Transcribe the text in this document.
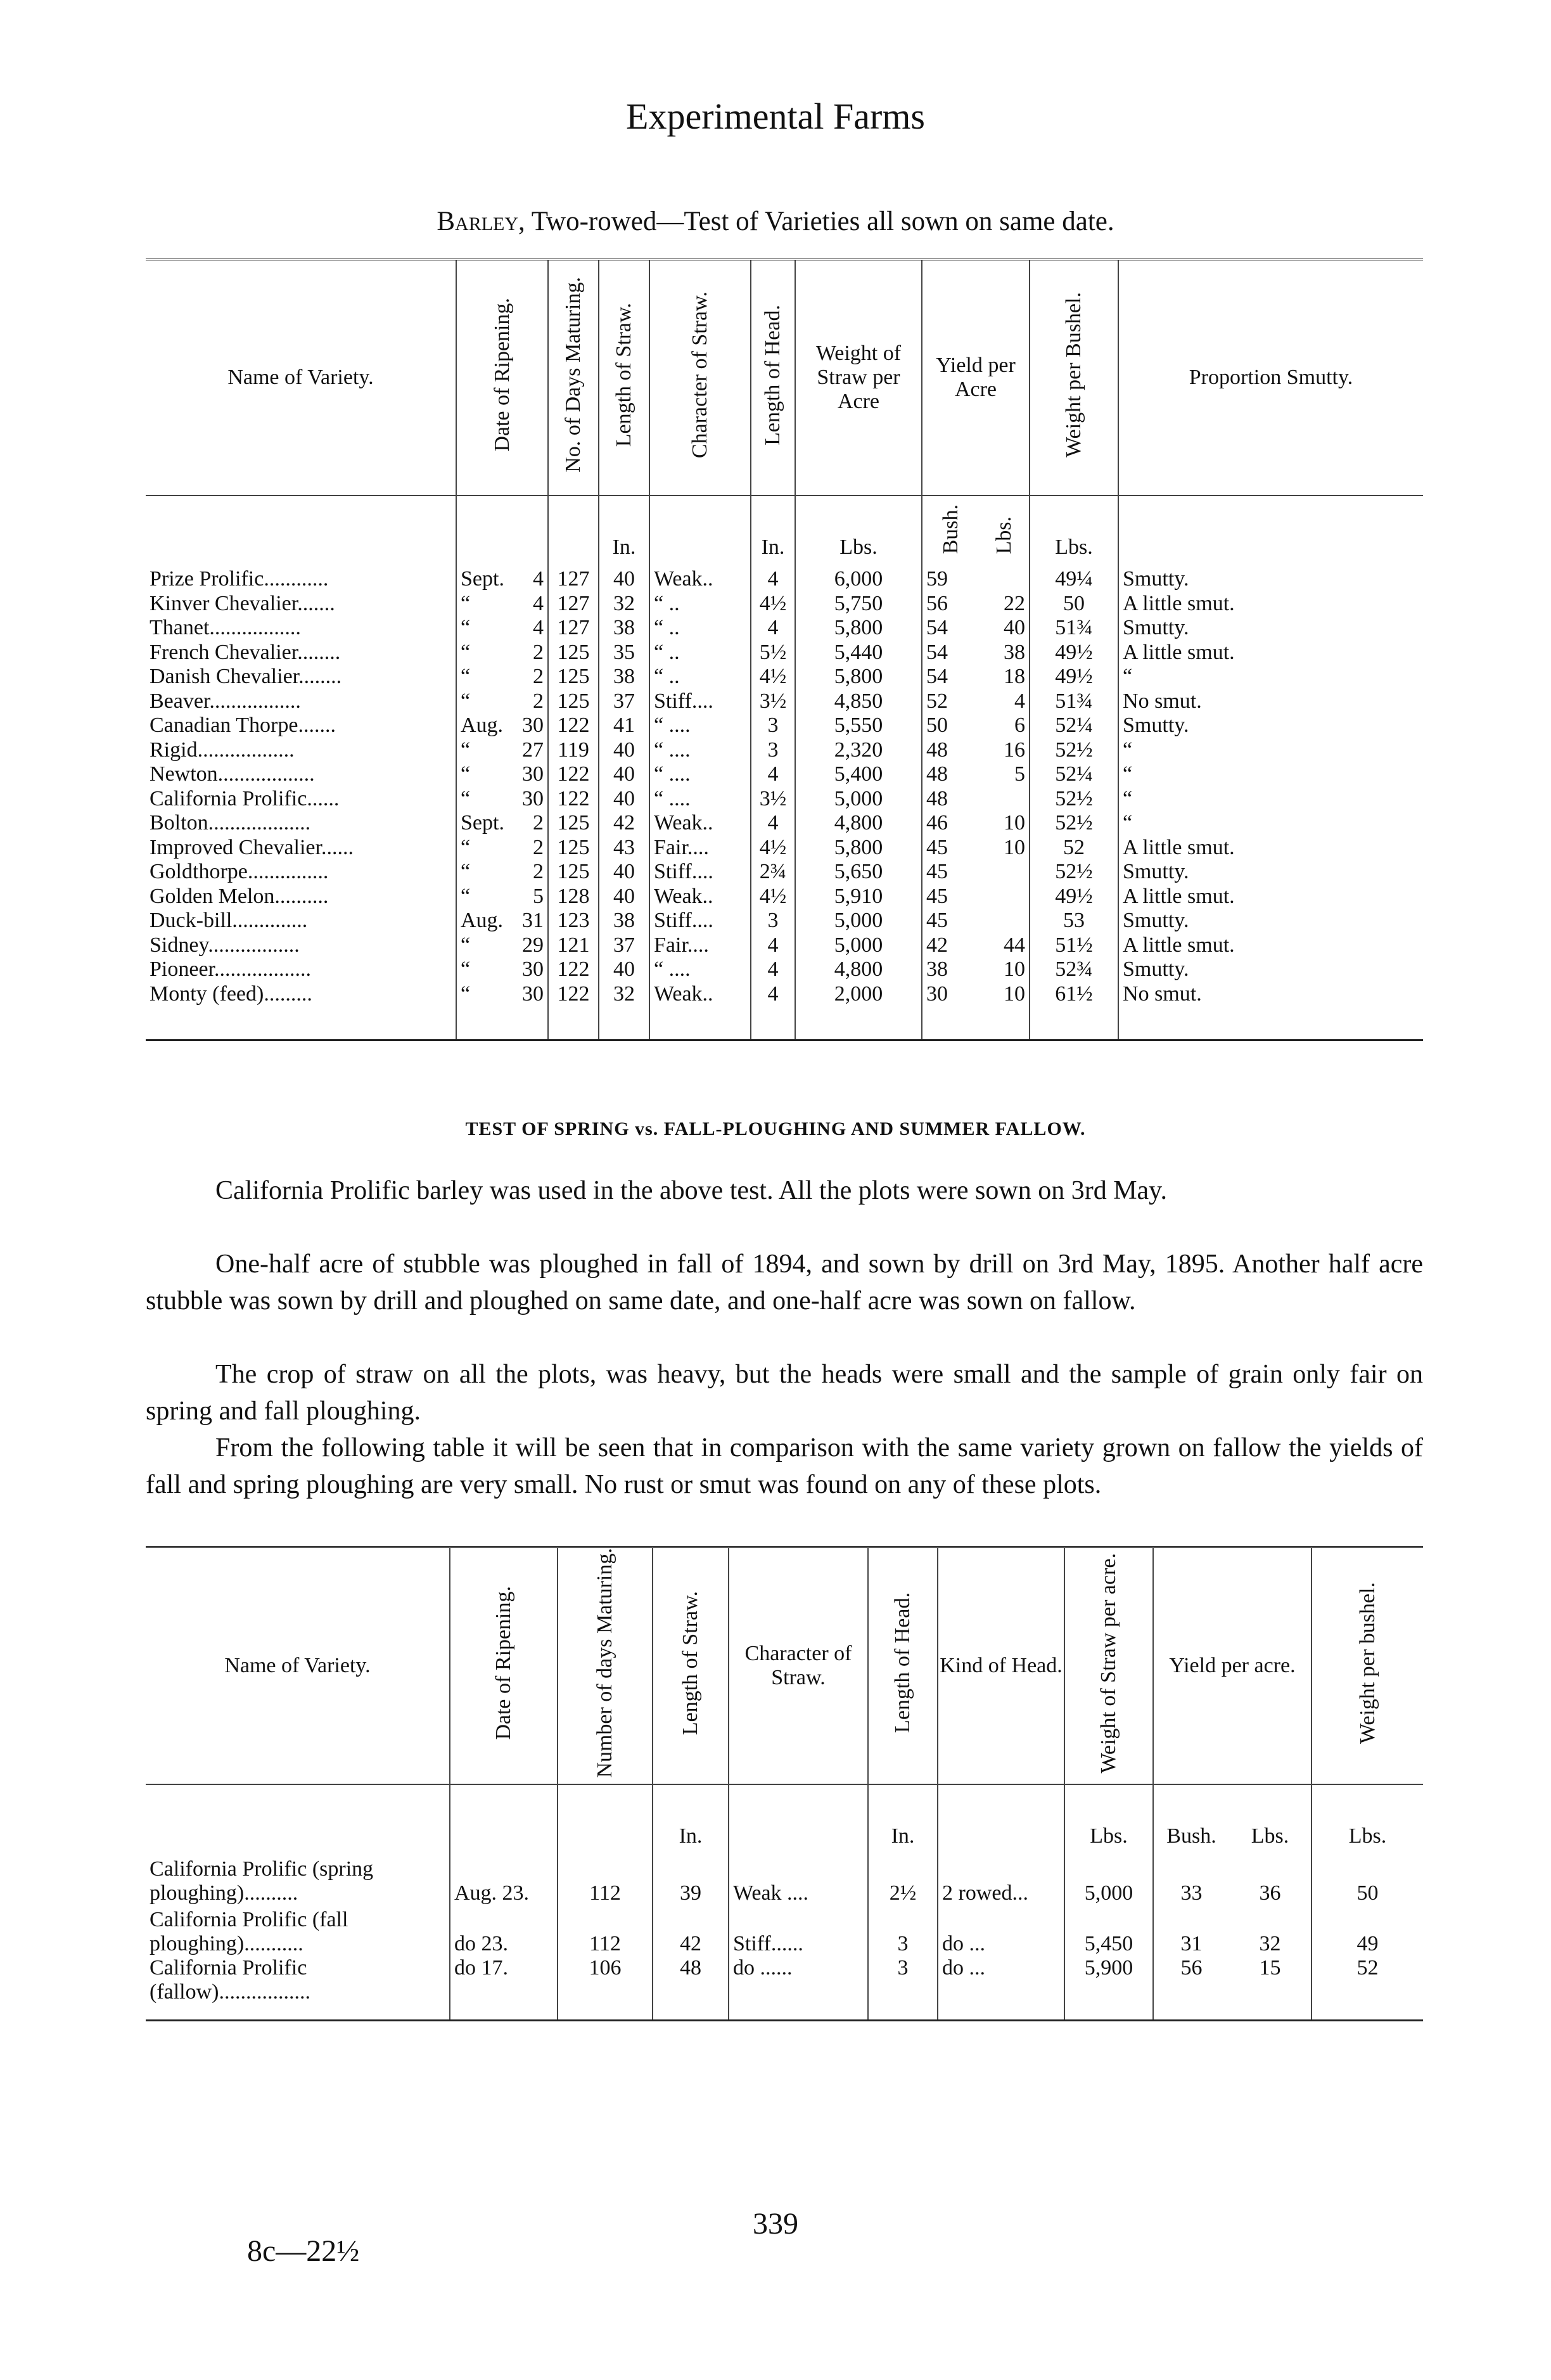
Experimental Farms
Barley, Two-rowed—Test of Varieties all sown on same date.
Name of Variety.	Date of Ripening.		No. of Days Maturing.	Length of Straw.	Character of Straw.	Length of Head.	Weight of Straw per Acre	Yield per Acre		Weight per Bushel.	Proportion Smutty.
				In.		In.	Lbs.	Bush.	Lbs.	Lbs.	
Prize Prolific............	Sept.	4	127	40	Weak..	4	6,000	59		49¼	Smutty.
Kinver Chevalier.......	“	4	127	32	“ ..	4½	5,750	56	22	50	A little smut.
Thanet.................	“	4	127	38	“ ..	4	5,800	54	40	51¾	Smutty.
French Chevalier........	“	2	125	35	“ ..	5½	5,440	54	38	49½	A little smut.
Danish Chevalier........	“	2	125	38	“ ..	4½	5,800	54	18	49½	“
Beaver.................	“	2	125	37	Stiff....	3½	4,850	52	4	51¾	No smut.
Canadian Thorpe.......	Aug.	30	122	41	“ ....	3	5,550	50	6	52¼	Smutty.
Rigid..................	“	27	119	40	“ ....	3	2,320	48	16	52½	“
Newton..................	“	30	122	40	“ ....	4	5,400	48	5	52¼	“
California Prolific......	“	30	122	40	“ ....	3½	5,000	48		52½	“
Bolton...................	Sept.	2	125	42	Weak..	4	4,800	46	10	52½	“
Improved Chevalier......	“	2	125	43	Fair....	4½	5,800	45	10	52	A little smut.
Goldthorpe...............	“	2	125	40	Stiff....	2¾	5,650	45		52½	Smutty.
Golden Melon..........	“	5	128	40	Weak..	4½	5,910	45		49½	A little smut.
Duck-bill..............	Aug.	31	123	38	Stiff....	3	5,000	45		53	Smutty.
Sidney.................	“	29	121	37	Fair....	4	5,000	42	44	51½	A little smut.
Pioneer..................	“	30	122	40	“ ....	4	4,800	38	10	52¾	Smutty.
Monty (feed).........	“	30	122	32	Weak..	4	2,000	30	10	61½	No smut.
TEST OF SPRING vs. FALL-PLOUGHING AND SUMMER FALLOW.

California Prolific barley was used in the above test. All the plots were sown on 3rd May.

One-half acre of stubble was ploughed in fall of 1894, and sown by drill on 3rd May, 1895. Another half acre stubble was sown by drill and ploughed on same date, and one-half acre was sown on fallow.

The crop of straw on all the plots, was heavy, but the heads were small and the sample of grain only fair on spring and fall ploughing.

From the following table it will be seen that in comparison with the same variety grown on fallow the yields of fall and spring ploughing are very small. No rust or smut was found on any of these plots.

Name of Variety.	Date of Ripening.	Number of days Maturing.	Length of Straw.	Character of Straw.	Length of Head.	Kind of Head.	Weight of Straw per acre.	Yield per acre.		Weight per bushel.
			In.		In.		Lbs.	Bush.	Lbs.	Lbs.
California Prolific (spring ploughing)..........	Aug. 23.	112	39	Weak ....	2½	2 rowed...	5,000	33	36	50
California Prolific (fall ploughing)...........	do 23.	112	42	Stiff......	3	do ...	5,450	31	32	49
California Prolific (fallow).................	do 17.	106	48	do ......	3	do ...	5,900	56	15	52
339
8c—22½
